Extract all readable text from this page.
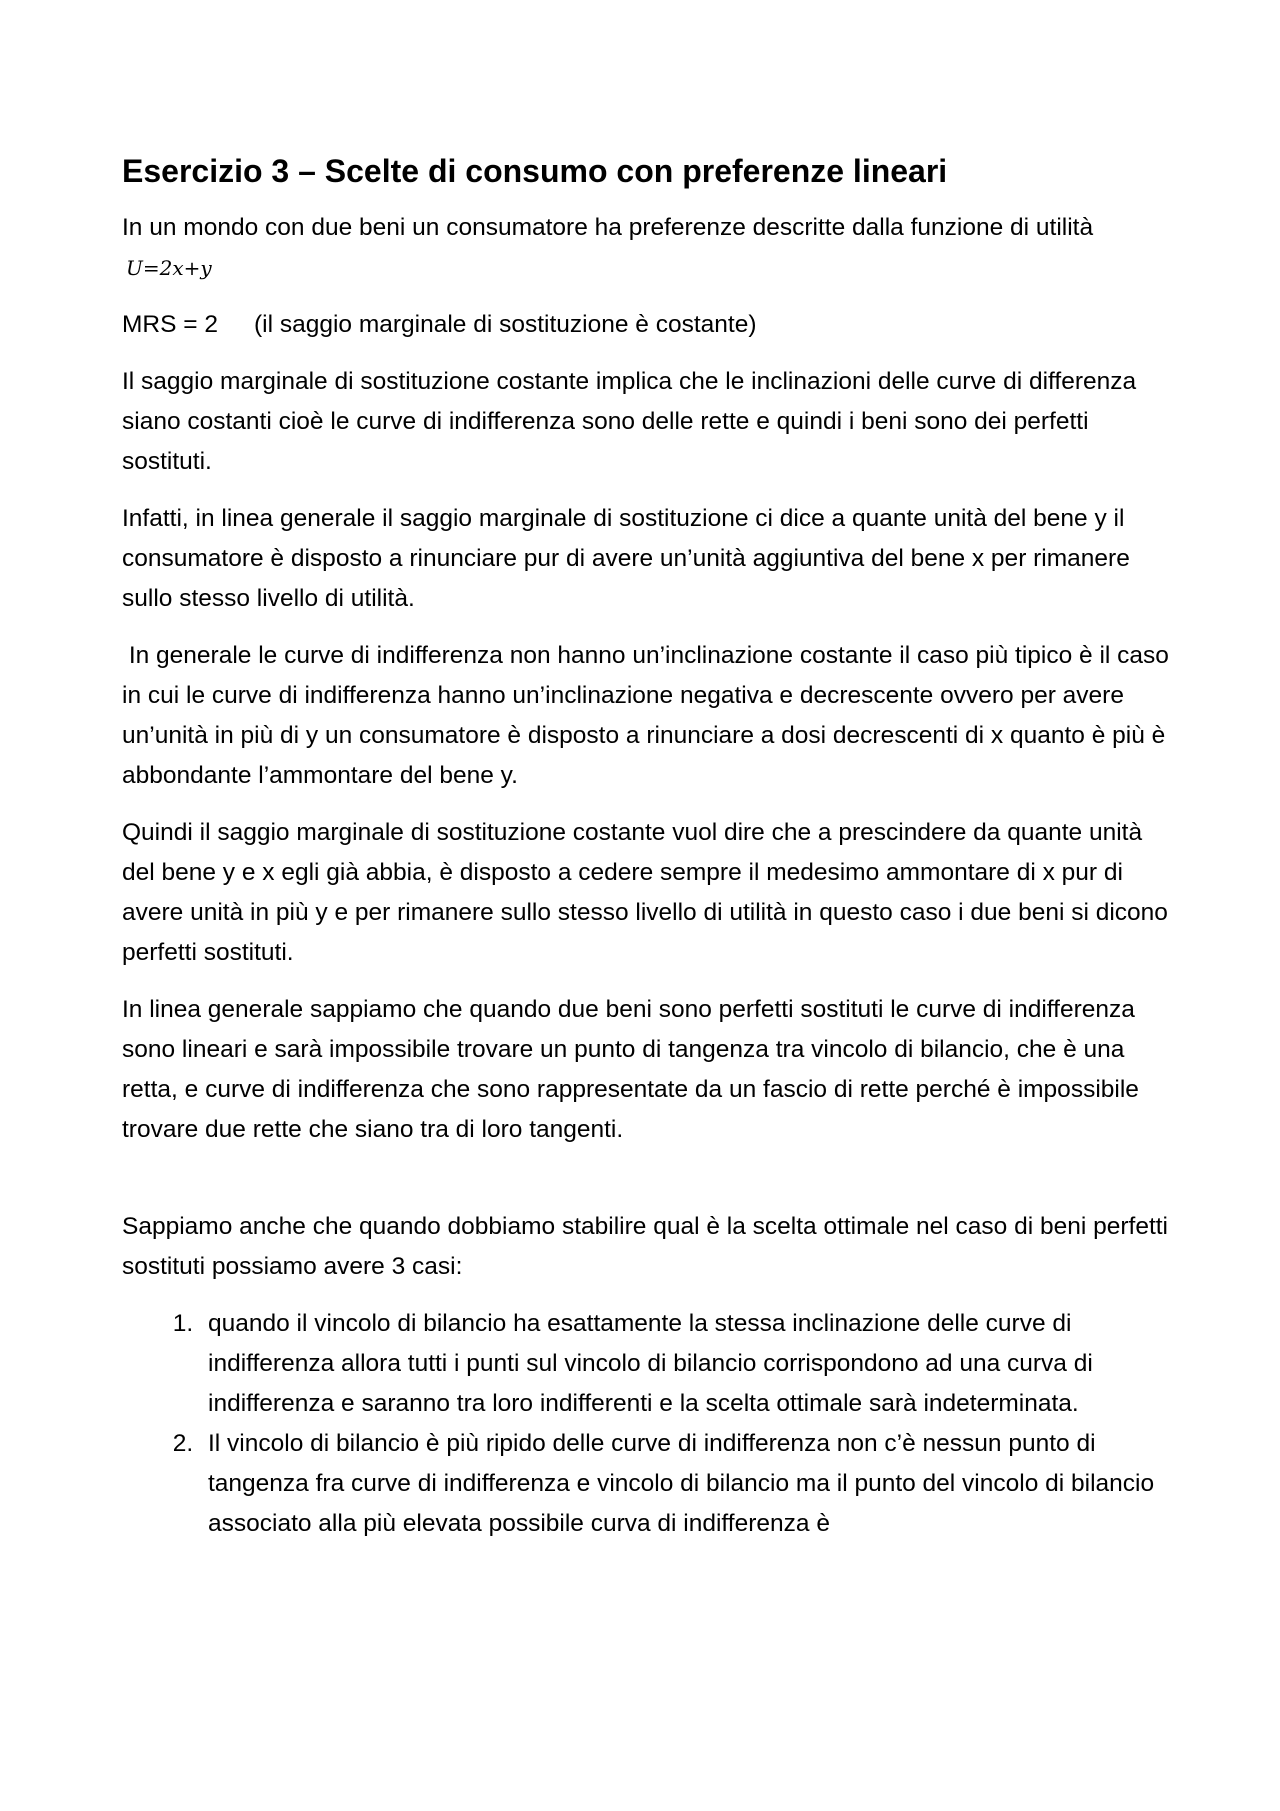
Esercizio 3 – Scelte di consumo con preferenze lineari

In un mondo con due beni un consumatore ha preferenze descritte dalla funzione di utilità U=2x+y

MRS = 2 (il saggio marginale di sostituzione è costante)

Il saggio marginale di sostituzione costante implica che le inclinazioni delle curve di differenza siano costanti cioè le curve di indifferenza sono delle rette e quindi i beni sono dei perfetti sostituti.

Infatti, in linea generale il saggio marginale di sostituzione ci dice a quante unità del bene y il consumatore è disposto a rinunciare pur di avere un’unità aggiuntiva del bene x per rimanere sullo stesso livello di utilità.

In generale le curve di indifferenza non hanno un’inclinazione costante il caso più tipico è il caso in cui le curve di indifferenza hanno un’inclinazione negativa e decrescente ovvero per avere un’unità in più di y un consumatore è disposto a rinunciare a dosi decrescenti di x quanto è più è abbondante l’ammontare del bene y.

Quindi il saggio marginale di sostituzione costante vuol dire che a prescindere da quante unità del bene y e x egli già abbia, è disposto a cedere sempre il medesimo ammontare di x pur di avere unità in più y e per rimanere sullo stesso livello di utilità in questo caso i due beni si dicono perfetti sostituti.

In linea generale sappiamo che quando due beni sono perfetti sostituti le curve di indifferenza sono lineari e sarà impossibile trovare un punto di tangenza tra vincolo di bilancio, che è una retta, e curve di indifferenza che sono rappresentate da un fascio di rette perché è impossibile trovare due rette che siano tra di loro tangenti.

Sappiamo anche che quando dobbiamo stabilire qual è la scelta ottimale nel caso di beni perfetti sostituti possiamo avere 3 casi:

1. quando il vincolo di bilancio ha esattamente la stessa inclinazione delle curve di indifferenza allora tutti i punti sul vincolo di bilancio corrispondono ad una curva di indifferenza e saranno tra loro indifferenti e la scelta ottimale sarà indeterminata.
2. Il vincolo di bilancio è più ripido delle curve di indifferenza non c’è nessun punto di tangenza fra curve di indifferenza e vincolo di bilancio ma il punto del vincolo di bilancio associato alla più elevata possibile curva di indifferenza è
